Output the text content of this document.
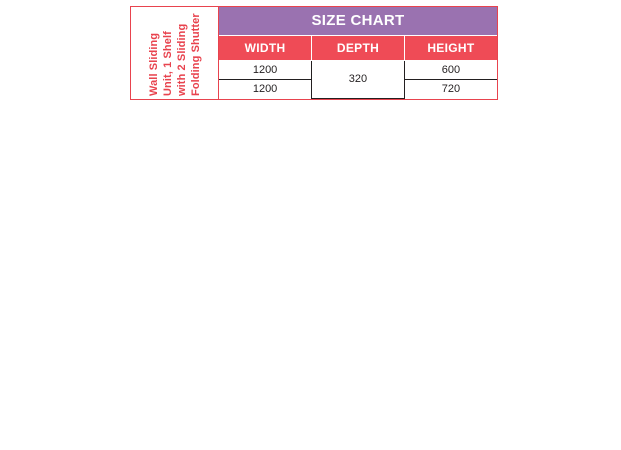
Wall Sliding Unit, 1 Shelf with 2 Sliding Folding Shutter	SIZE CHART
WIDTH	DEPTH	HEIGHT
1200	320	600
1200		720
